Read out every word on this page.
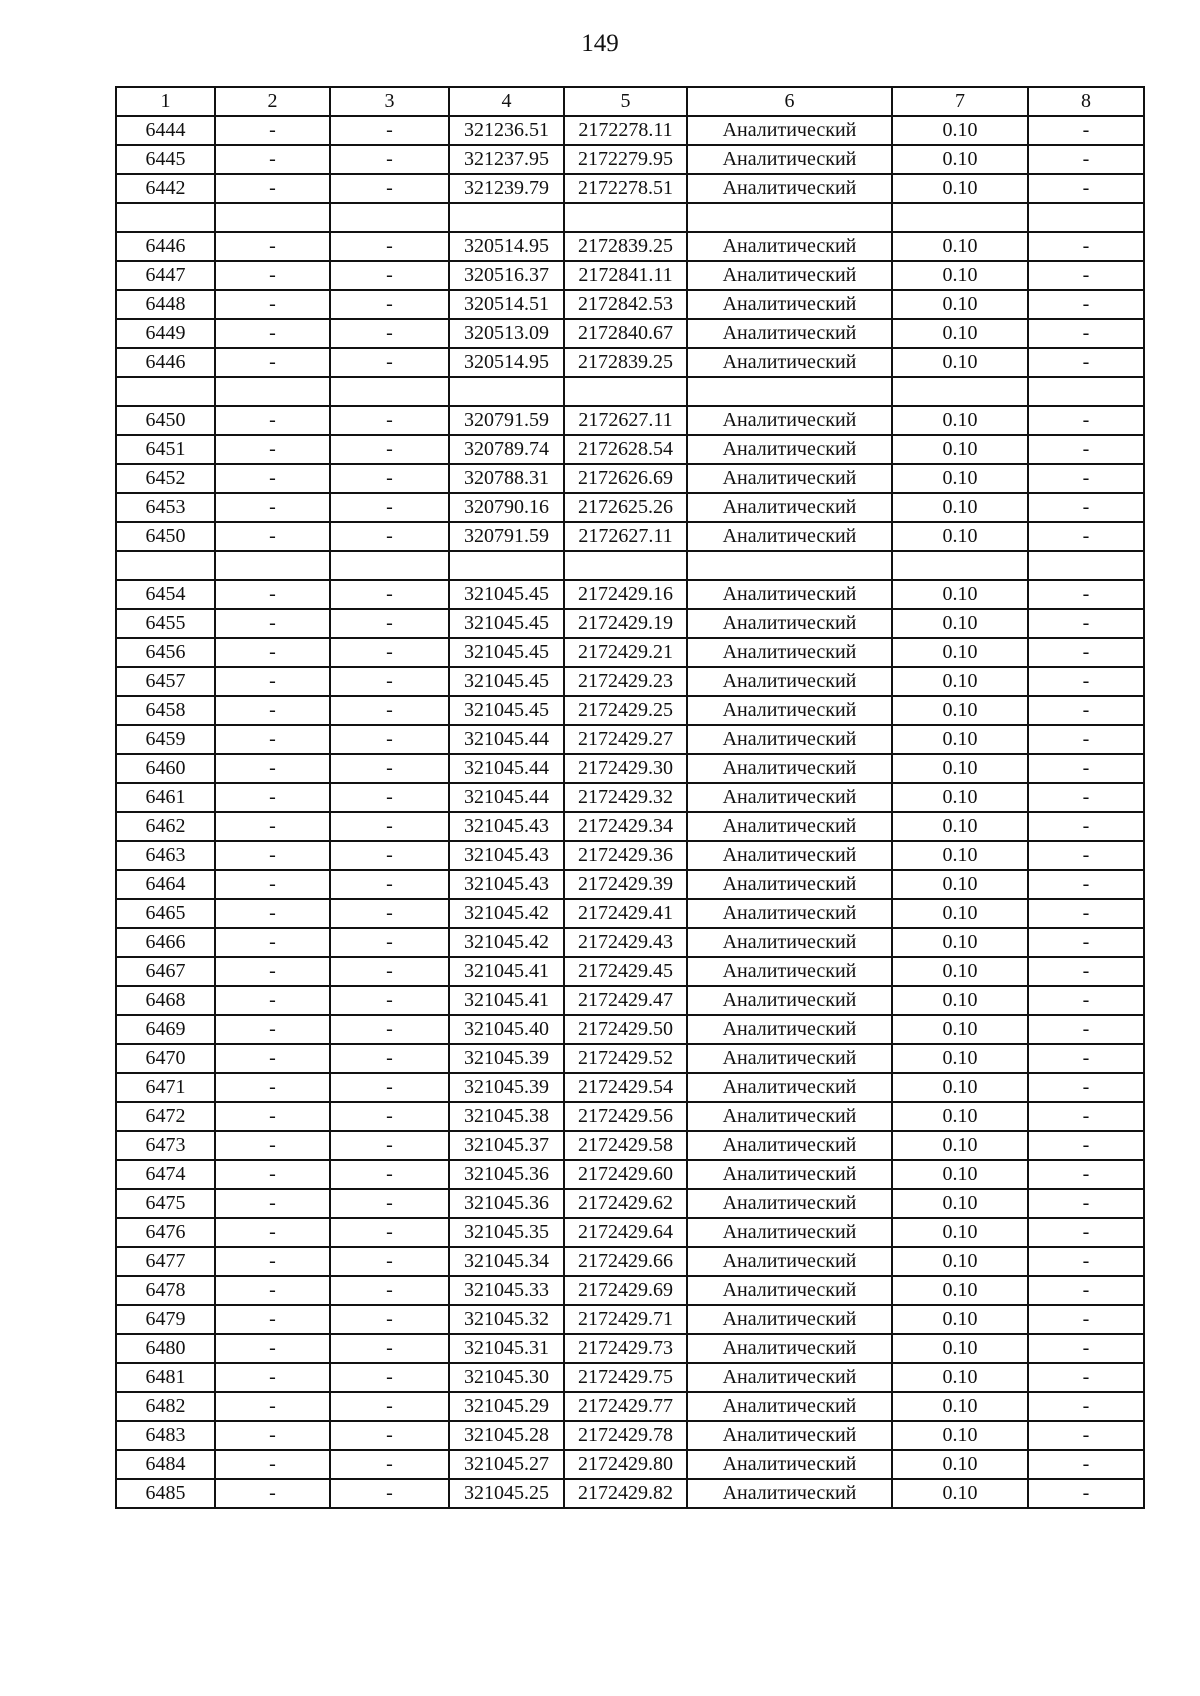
149
1	2	3	4	5	6	7	8
6444	-	-	321236.51	2172278.11	Аналитический	0.10	-
6445	-	-	321237.95	2172279.95	Аналитический	0.10	-
6442	-	-	321239.79	2172278.51	Аналитический	0.10	-

6446	-	-	320514.95	2172839.25	Аналитический	0.10	-
6447	-	-	320516.37	2172841.11	Аналитический	0.10	-
6448	-	-	320514.51	2172842.53	Аналитический	0.10	-
6449	-	-	320513.09	2172840.67	Аналитический	0.10	-
6446	-	-	320514.95	2172839.25	Аналитический	0.10	-

6450	-	-	320791.59	2172627.11	Аналитический	0.10	-
6451	-	-	320789.74	2172628.54	Аналитический	0.10	-
6452	-	-	320788.31	2172626.69	Аналитический	0.10	-
6453	-	-	320790.16	2172625.26	Аналитический	0.10	-
6450	-	-	320791.59	2172627.11	Аналитический	0.10	-

6454	-	-	321045.45	2172429.16	Аналитический	0.10	-
6455	-	-	321045.45	2172429.19	Аналитический	0.10	-
6456	-	-	321045.45	2172429.21	Аналитический	0.10	-
6457	-	-	321045.45	2172429.23	Аналитический	0.10	-
6458	-	-	321045.45	2172429.25	Аналитический	0.10	-
6459	-	-	321045.44	2172429.27	Аналитический	0.10	-
6460	-	-	321045.44	2172429.30	Аналитический	0.10	-
6461	-	-	321045.44	2172429.32	Аналитический	0.10	-
6462	-	-	321045.43	2172429.34	Аналитический	0.10	-
6463	-	-	321045.43	2172429.36	Аналитический	0.10	-
6464	-	-	321045.43	2172429.39	Аналитический	0.10	-
6465	-	-	321045.42	2172429.41	Аналитический	0.10	-
6466	-	-	321045.42	2172429.43	Аналитический	0.10	-
6467	-	-	321045.41	2172429.45	Аналитический	0.10	-
6468	-	-	321045.41	2172429.47	Аналитический	0.10	-
6469	-	-	321045.40	2172429.50	Аналитический	0.10	-
6470	-	-	321045.39	2172429.52	Аналитический	0.10	-
6471	-	-	321045.39	2172429.54	Аналитический	0.10	-
6472	-	-	321045.38	2172429.56	Аналитический	0.10	-
6473	-	-	321045.37	2172429.58	Аналитический	0.10	-
6474	-	-	321045.36	2172429.60	Аналитический	0.10	-
6475	-	-	321045.36	2172429.62	Аналитический	0.10	-
6476	-	-	321045.35	2172429.64	Аналитический	0.10	-
6477	-	-	321045.34	2172429.66	Аналитический	0.10	-
6478	-	-	321045.33	2172429.69	Аналитический	0.10	-
6479	-	-	321045.32	2172429.71	Аналитический	0.10	-
6480	-	-	321045.31	2172429.73	Аналитический	0.10	-
6481	-	-	321045.30	2172429.75	Аналитический	0.10	-
6482	-	-	321045.29	2172429.77	Аналитический	0.10	-
6483	-	-	321045.28	2172429.78	Аналитический	0.10	-
6484	-	-	321045.27	2172429.80	Аналитический	0.10	-
6485	-	-	321045.25	2172429.82	Аналитический	0.10	-
